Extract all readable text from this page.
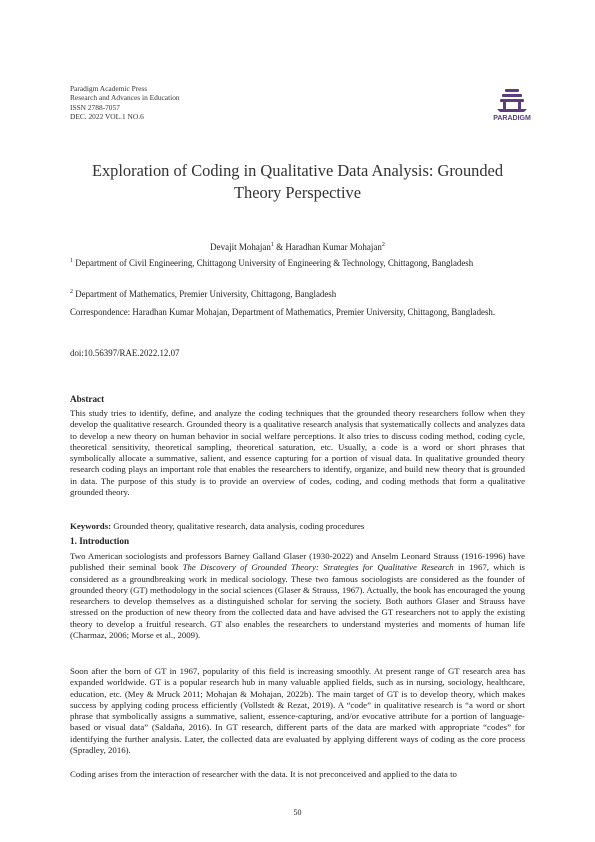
Paradigm Academic Press
Research and Advances in Education
ISSN 2788-7057
DEC. 2022 VOL.1 NO.6	PARADIGM
Exploration of Coding in Qualitative Data Analysis: Grounded Theory Perspective
Devajit Mohajan$^1$ & Haradhan Kumar Mohajan$^2$
$^1$ Department of Civil Engineering, Chittagong University of Engineering & Technology, Chittagong, Bangladesh
$^2$ Department of Mathematics, Premier University, Chittagong, Bangladesh
Correspondence: Haradhan Kumar Mohajan, Department of Mathematics, Premier University, Chittagong, Bangladesh.
doi:10.56397/RAE.2022.12.07
Abstract
This study tries to identify, define, and analyze the coding techniques that the grounded theory researchers follow when they develop the qualitative research. Grounded theory is a qualitative research analysis that systematically collects and analyzes data to develop a new theory on human behavior in social welfare perceptions. It also tries to discuss coding method, coding cycle, theoretical sensitivity, theoretical sampling, theoretical saturation, etc. Usually, a code is a word or short phrases that symbolically allocate a summative, salient, and essence capturing for a portion of visual data. In qualitative grounded theory research coding plays an important role that enables the researchers to identify, organize, and build new theory that is grounded in data. The purpose of this study is to provide an overview of codes, coding, and coding methods that form a qualitative grounded theory.
Keywords: Grounded theory, qualitative research, data analysis, coding procedures
1. Introduction
Two American sociologists and professors Barney Galland Glaser (1930-2022) and Anselm Leonard Strauss (1916-1996) have published their seminal book The Discovery of Grounded Theory: Strategies for Qualitative Research in 1967, which is considered as a groundbreaking work in medical sociology. These two famous sociologists are considered as the founder of grounded theory (GT) methodology in the social sciences (Glaser & Strauss, 1967). Actually, the book has encouraged the young researchers to develop themselves as a distinguished scholar for serving the society. Both authors Glaser and Strauss have stressed on the production of new theory from the collected data and have advised the GT researchers not to apply the existing theory to develop a fruitful research. GT also enables the researchers to understand mysteries and moments of human life (Charmaz, 2006; Morse et al., 2009).
Soon after the born of GT in 1967, popularity of this field is increasing smoothly. At present range of GT research area has expanded worldwide. GT is a popular research hub in many valuable applied fields, such as in nursing, sociology, healthcare, education, etc. (Mey & Mruck 2011; Mohajan & Mohajan, 2022b). The main target of GT is to develop theory, which makes success by applying coding process efficiently (Vollstedt & Rezat, 2019). A “code” in qualitative research is “a word or short phrase that symbolically assigns a summative, salient, essence-capturing, and/or evocative attribute for a portion of language-based or visual data” (Saldaña, 2016). In GT research, different parts of the data are marked with appropriate “codes” for identifying the further analysis. Later, the collected data are evaluated by applying different ways of coding as the core process (Spradley, 2016).
Coding arises from the interaction of researcher with the data. It is not preconceived and applied to the data to
50
